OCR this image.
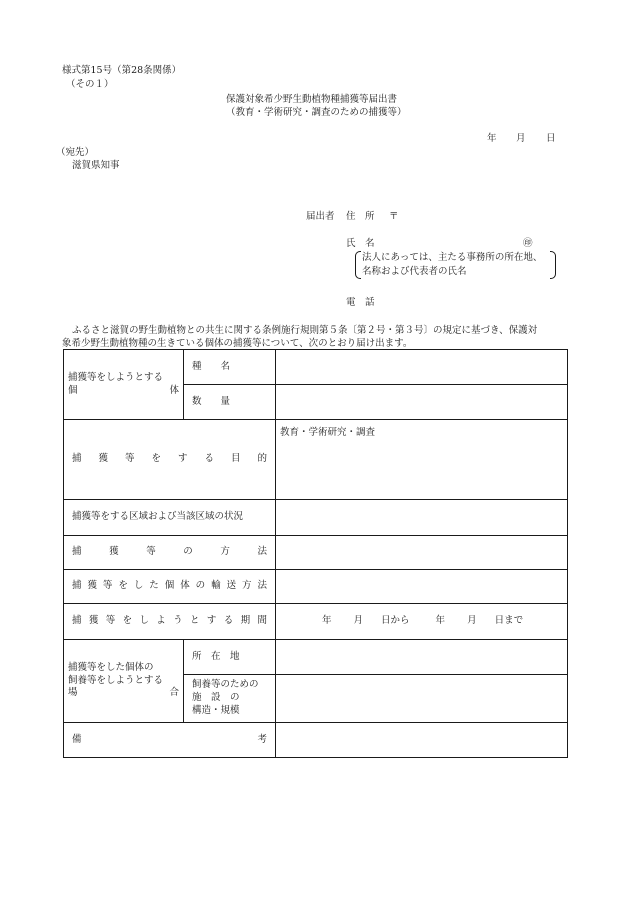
様式第15号（第28条関係）
（その１）
保護対象希少野生動植物種捕獲等届出書
（教育・学術研究・調査のための捕獲等）
年 月 日
（宛先）
滋賀県知事
届出者 住　所 〒
氏　名	㊞
法人にあっては、主たる事務所の所在地、
名称および代表者の氏名
電　話
ふるさと滋賀の野生動植物との共生に関する条例施行規則第５条〔第２号・第３号〕の規定に基づき、保護対
象希少野生動植物種の生きている個体の捕獲等について、次のとおり届け出ます。
捕獲等をしようとする
個 体	種　　名	
	数　　量	

捕獲等をする目的		教育・学術研究・調査
捕獲等をする区域および当該区域の状況		

捕獲等の方法		

捕獲等をした個体の輸送方法		

捕獲等をしようとする期間		年 月 日から 年 月 日まで

捕獲等をした個体の
飼養等をしようとする
場 合	所　在　地	

	飼養等のための
施　設　の
構造・規模	

備 考		
